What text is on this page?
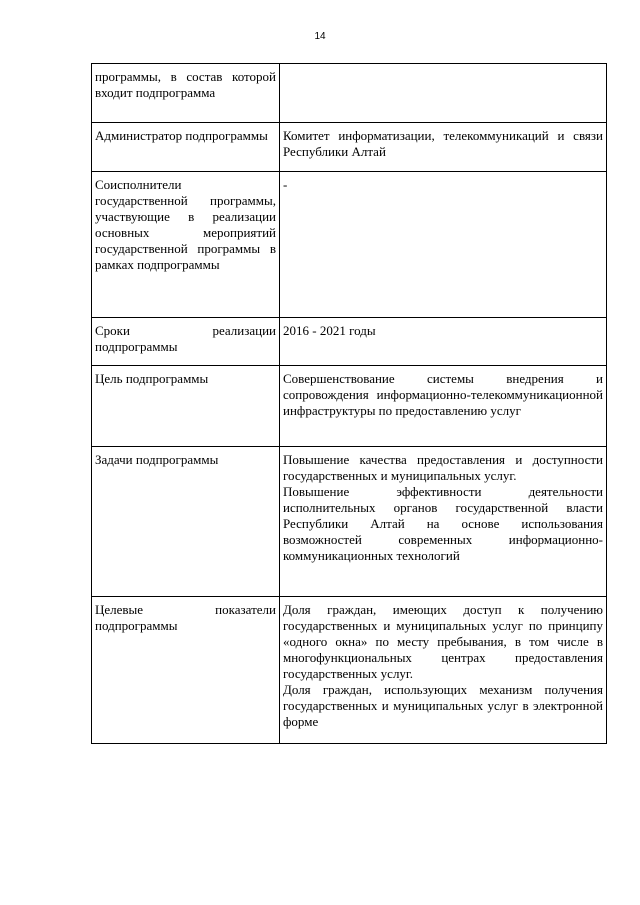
14
программы, в состав которой входит подпрограмма	
Администратор подпрограммы	Комитет информатизации, телекоммуникаций и связи Республики Алтай

Соисполнители государственной программы, участвующие в реализации основных мероприятий государственной программы в рамках подпрограммы	-

Сроки реализации подпрограммы	2016 - 2021 годы

Цель подпрограммы	Совершенствование системы внедрения и сопровождения информационно-телекоммуникационной инфраструктуры по предоставлению услуг

Задачи подпрограммы	Повышение качества предоставления и доступности государственных и муниципальных услуг.
Повышение эффективности деятельности исполнительных органов государственной власти Республики Алтай на основе использования возможностей современных информационно-коммуникационных технологий

Целевые показатели подпрограммы	Доля граждан, имеющих доступ к получению государственных и муниципальных услуг по принципу «одного окна» по месту пребывания, в том числе в многофункциональных центрах предоставления государственных услуг.
Доля граждан, использующих механизм получения государственных и муниципальных услуг в электронной форме
